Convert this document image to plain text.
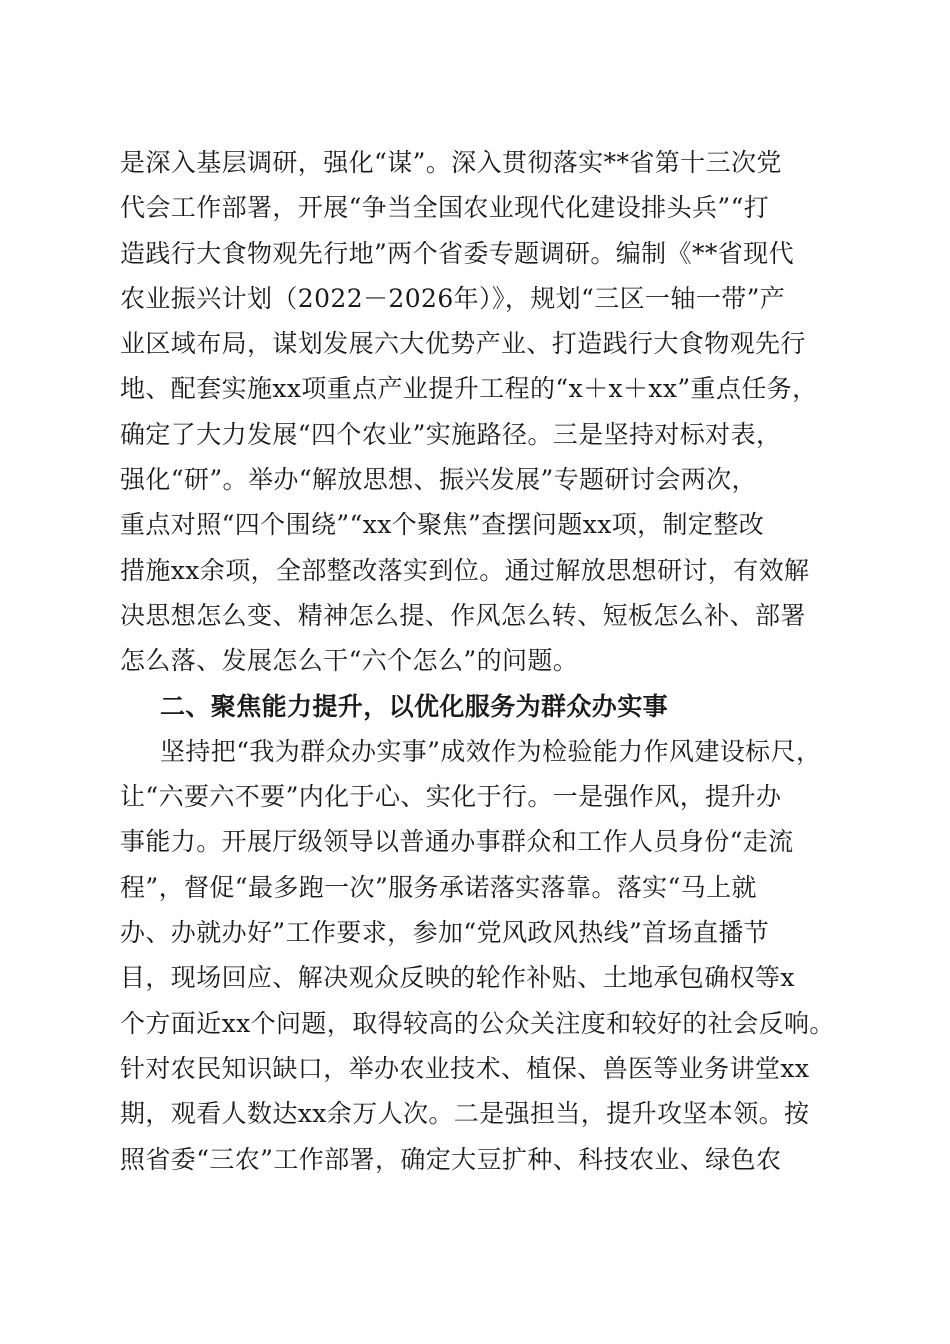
是深入基层调研，强化“谋”。深入贯彻落实**省第十三次党
代会工作部署，开展“争当全国农业现代化建设排头兵”“打
造践行大食物观先行地”两个省委专题调研。编制《**省现代
农业振兴计划（2022－2026年）》，规划“三区一轴一带”产
业区域布局，谋划发展六大优势产业、打造践行大食物观先行
地、配套实施xx项重点产业提升工程的“x＋x＋xx”重点任务，
确定了大力发展“四个农业”实施路径。三是坚持对标对表，
强化“研”。举办“解放思想、振兴发展”专题研讨会两次，
重点对照“四个围绕”“xx个聚焦”查摆问题xx项，制定整改
措施xx余项，全部整改落实到位。通过解放思想研讨，有效解
决思想怎么变、精神怎么提、作风怎么转、短板怎么补、部署
怎么落、发展怎么干“六个怎么”的问题。
二、聚焦能力提升，以优化服务为群众办实事
坚持把“我为群众办实事”成效作为检验能力作风建设标尺，
让“六要六不要”内化于心、实化于行。一是强作风，提升办
事能力。开展厅级领导以普通办事群众和工作人员身份“走流
程”，督促“最多跑一次”服务承诺落实落靠。落实“马上就
办、办就办好”工作要求，参加“党风政风热线”首场直播节
目，现场回应、解决观众反映的轮作补贴、土地承包确权等x
个方面近xx个问题，取得较高的公众关注度和较好的社会反响。
针对农民知识缺口，举办农业技术、植保、兽医等业务讲堂xx
期，观看人数达xx余万人次。二是强担当，提升攻坚本领。按
照省委“三农”工作部署，确定大豆扩种、科技农业、绿色农
